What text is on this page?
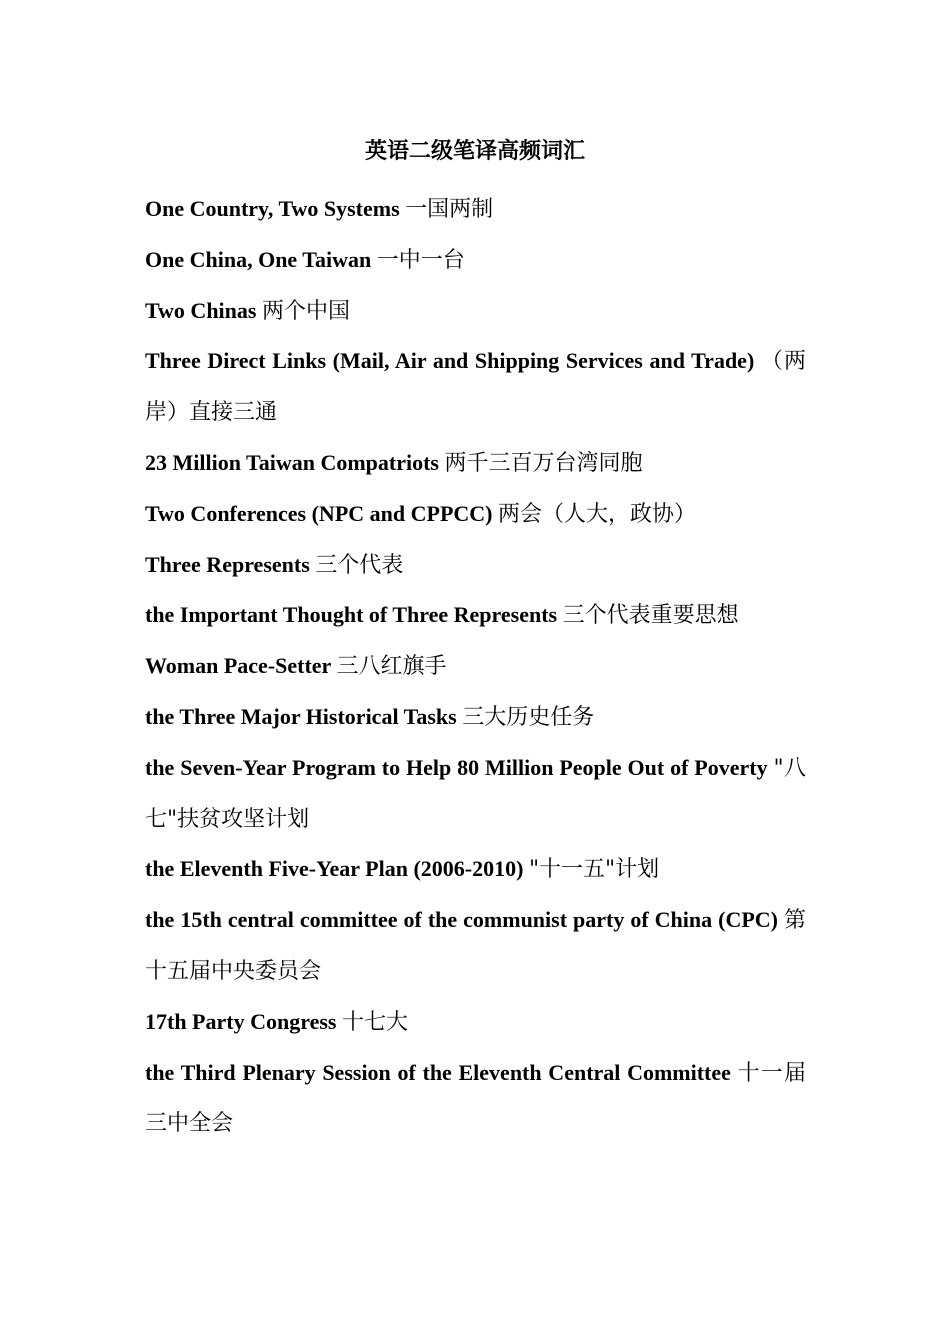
英语二级笔译高频词汇

One Country, Two Systems 一国两制

One China, One Taiwan 一中一台

Two Chinas 两个中国

Three Direct Links (Mail, Air and Shipping Services and Trade) （两岸）直接三通

23 Million Taiwan Compatriots 两千三百万台湾同胞

Two Conferences (NPC and CPPCC) 两会（人大，政协）

Three Represents 三个代表

the Important Thought of Three Represents 三个代表重要思想

Woman Pace-Setter 三八红旗手

the Three Major Historical Tasks 三大历史任务

the Seven-Year Program to Help 80 Million People Out of Poverty "八七"扶贫攻坚计划

the Eleventh Five-Year Plan (2006-2010) "十一五"计划

the 15th central committee of the communist party of China (CPC) 第十五届中央委员会

17th Party Congress 十七大

the Third Plenary Session of the Eleventh Central Committee 十一届三中全会
